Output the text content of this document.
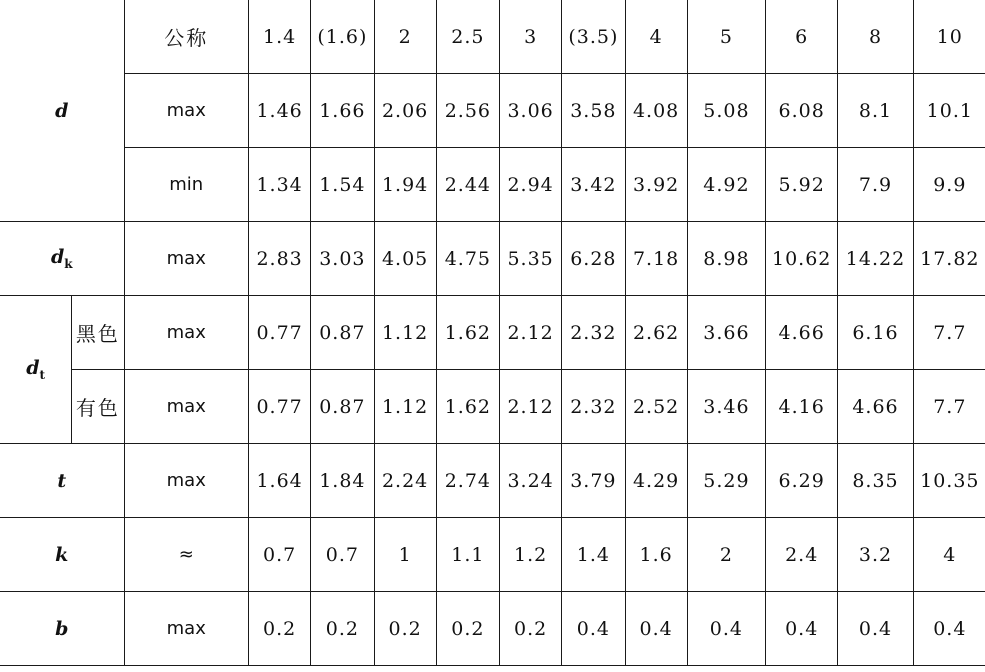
d		公称	1.4	(1.6)	2	2.5	3	(3.5)	4	5	6	8	10
		max	1.46	1.66	2.06	2.56	3.06	3.58	4.08	5.08	6.08	8.1	10.1
		min	1.34	1.54	1.94	2.44	2.94	3.42	3.92	4.92	5.92	7.9	9.9
$d_k$		max	2.83	3.03	4.05	4.75	5.35	6.28	7.18	8.98	10.62	14.22	17.82
$d_t$	黑色	max	0.77	0.87	1.12	1.62	2.12	2.32	2.62	3.66	4.66	6.16	7.7
	有色	max	0.77	0.87	1.12	1.62	2.12	2.32	2.52	3.46	4.16	4.66	7.7
t		max	1.64	1.84	2.24	2.74	3.24	3.79	4.29	5.29	6.29	8.35	10.35
k		≈	0.7	0.7	1	1.1	1.2	1.4	1.6	2	2.4	3.2	4
b		max	0.2	0.2	0.2	0.2	0.2	0.4	0.4	0.4	0.4	0.4	0.4
